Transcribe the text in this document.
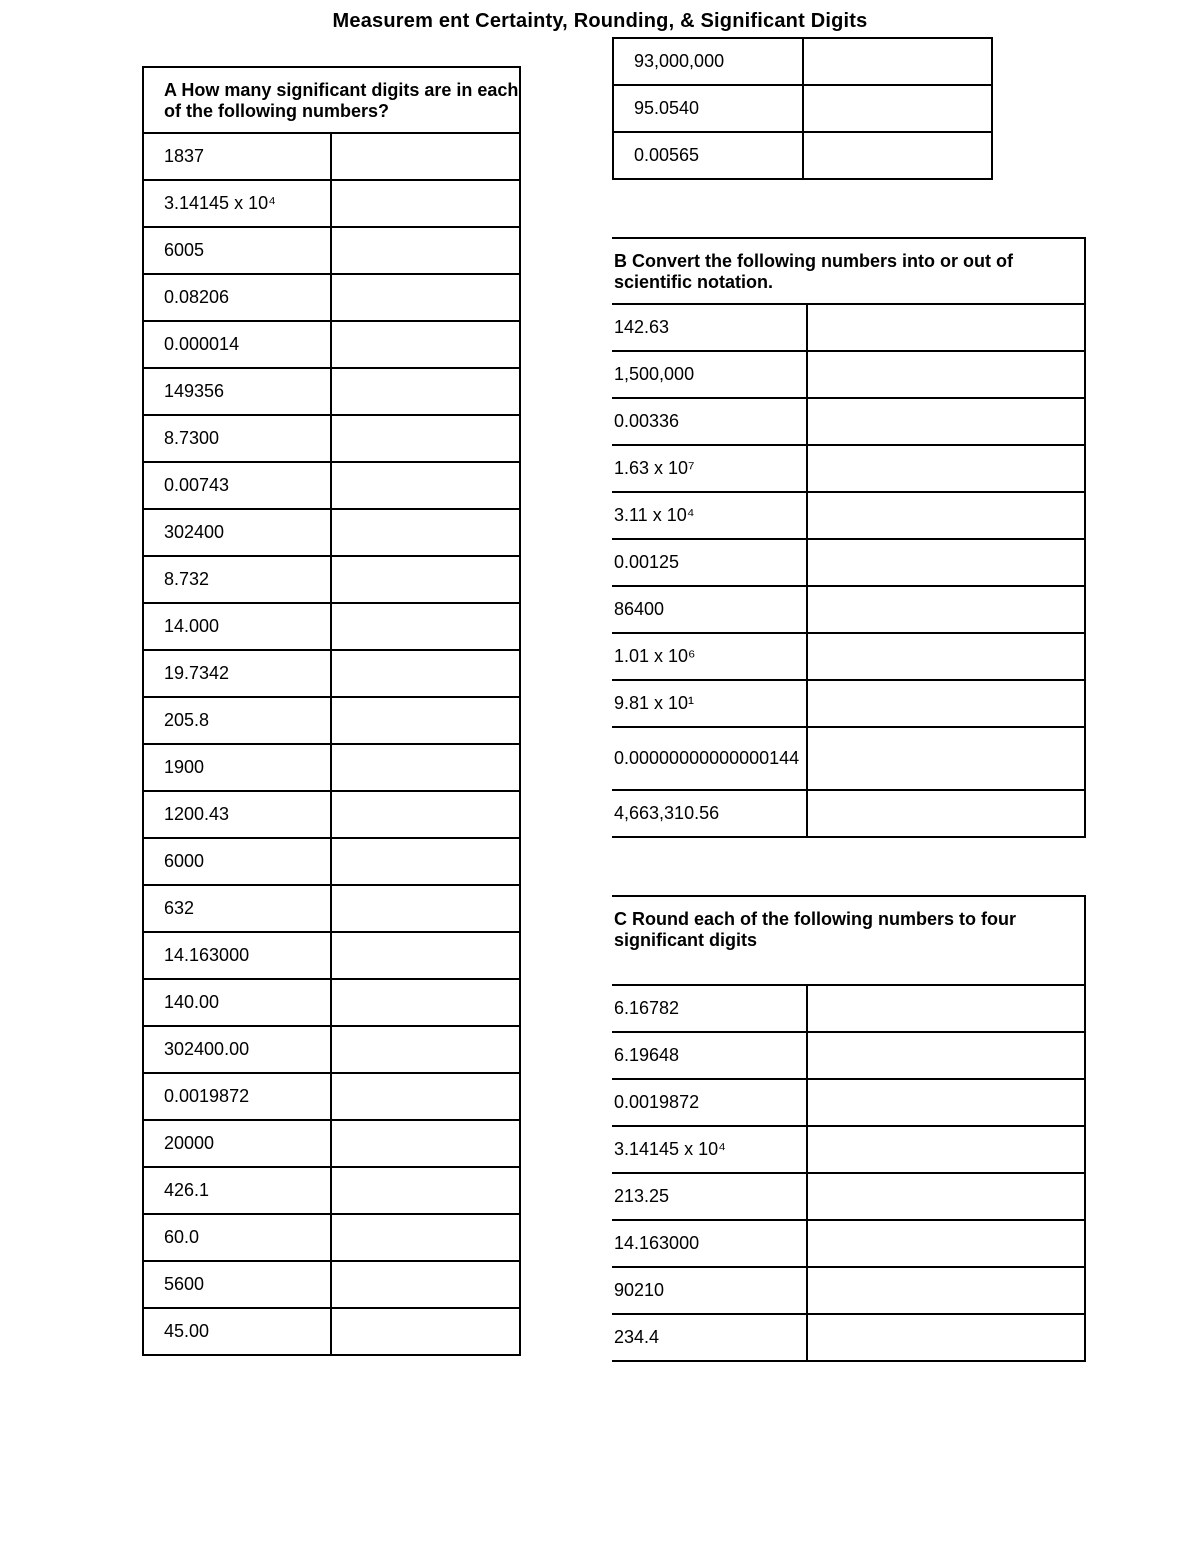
Measurem ent Certainty, Rounding, & Significant Digits
A How many significant digits are in each of the following numbers?	
1837	
3.14145 x 10⁴	
6005	
0.08206	
0.000014	
149356	
8.7300	
0.00743	
302400	
8.732	
14.000	
19.7342	
205.8	
1900	
1200.43	
6000	
632	
14.163000	
140.00	
302400.00	
0.0019872	
20000	
426.1	
60.0	
5600	
45.00	
93,000,000	
95.0540	
0.00565	
B Convert the following numbers into or out of scientific notation.	
142.63	
1,500,000	
0.00336	
1.63 x 10⁷	
3.11 x 10⁴	
0.00125	
86400	
1.01 x 10⁶	
9.81 x 10¹	
0.00000000000000144	
4,663,310.56	
C Round each of the following numbers to four significant digits	
6.16782	
6.19648	
0.0019872	
3.14145 x 10⁴	
213.25	
14.163000	
90210	
234.4	
